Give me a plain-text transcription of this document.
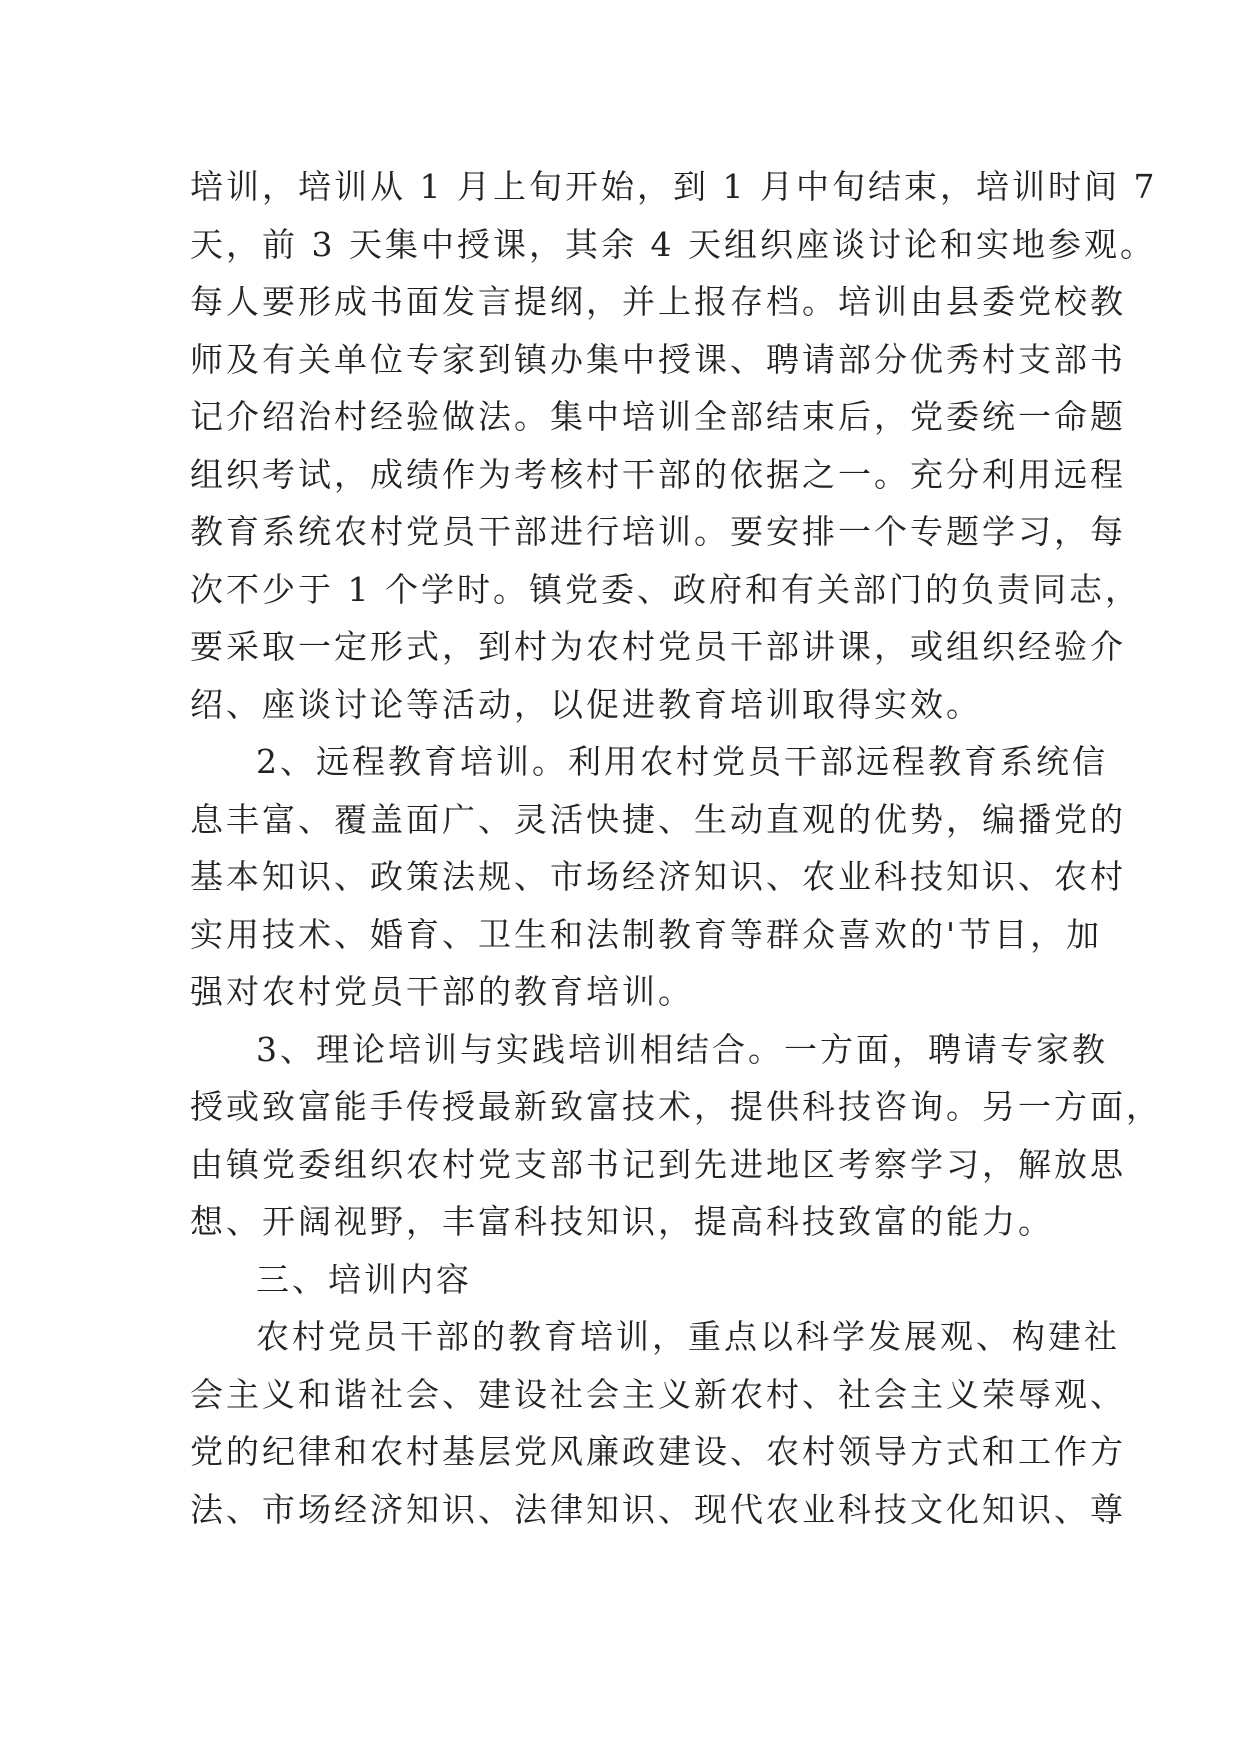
培训，培训从 1 月上旬开始，到 1 月中旬结束，培训时间 7
天，前 3 天集中授课，其余 4 天组织座谈讨论和实地参观。
每人要形成书面发言提纲，并上报存档。培训由县委党校教
师及有关单位专家到镇办集中授课、聘请部分优秀村支部书
记介绍治村经验做法。集中培训全部结束后，党委统一命题
组织考试，成绩作为考核村干部的依据之一。充分利用远程
教育系统农村党员干部进行培训。要安排一个专题学习，每
次不少于 1 个学时。镇党委、政府和有关部门的负责同志，
要采取一定形式，到村为农村党员干部讲课，或组织经验介
绍、座谈讨论等活动，以促进教育培训取得实效。
2、远程教育培训。利用农村党员干部远程教育系统信
息丰富、覆盖面广、灵活快捷、生动直观的优势，编播党的
基本知识、政策法规、市场经济知识、农业科技知识、农村
实用技术、婚育、卫生和法制教育等群众喜欢的'节目，加
强对农村党员干部的教育培训。
3、理论培训与实践培训相结合。一方面，聘请专家教
授或致富能手传授最新致富技术，提供科技咨询。另一方面，
由镇党委组织农村党支部书记到先进地区考察学习，解放思
想、开阔视野，丰富科技知识，提高科技致富的能力。
三、培训内容
农村党员干部的教育培训，重点以科学发展观、构建社
会主义和谐社会、建设社会主义新农村、社会主义荣辱观、
党的纪律和农村基层党风廉政建设、农村领导方式和工作方
法、市场经济知识、法律知识、现代农业科技文化知识、尊
